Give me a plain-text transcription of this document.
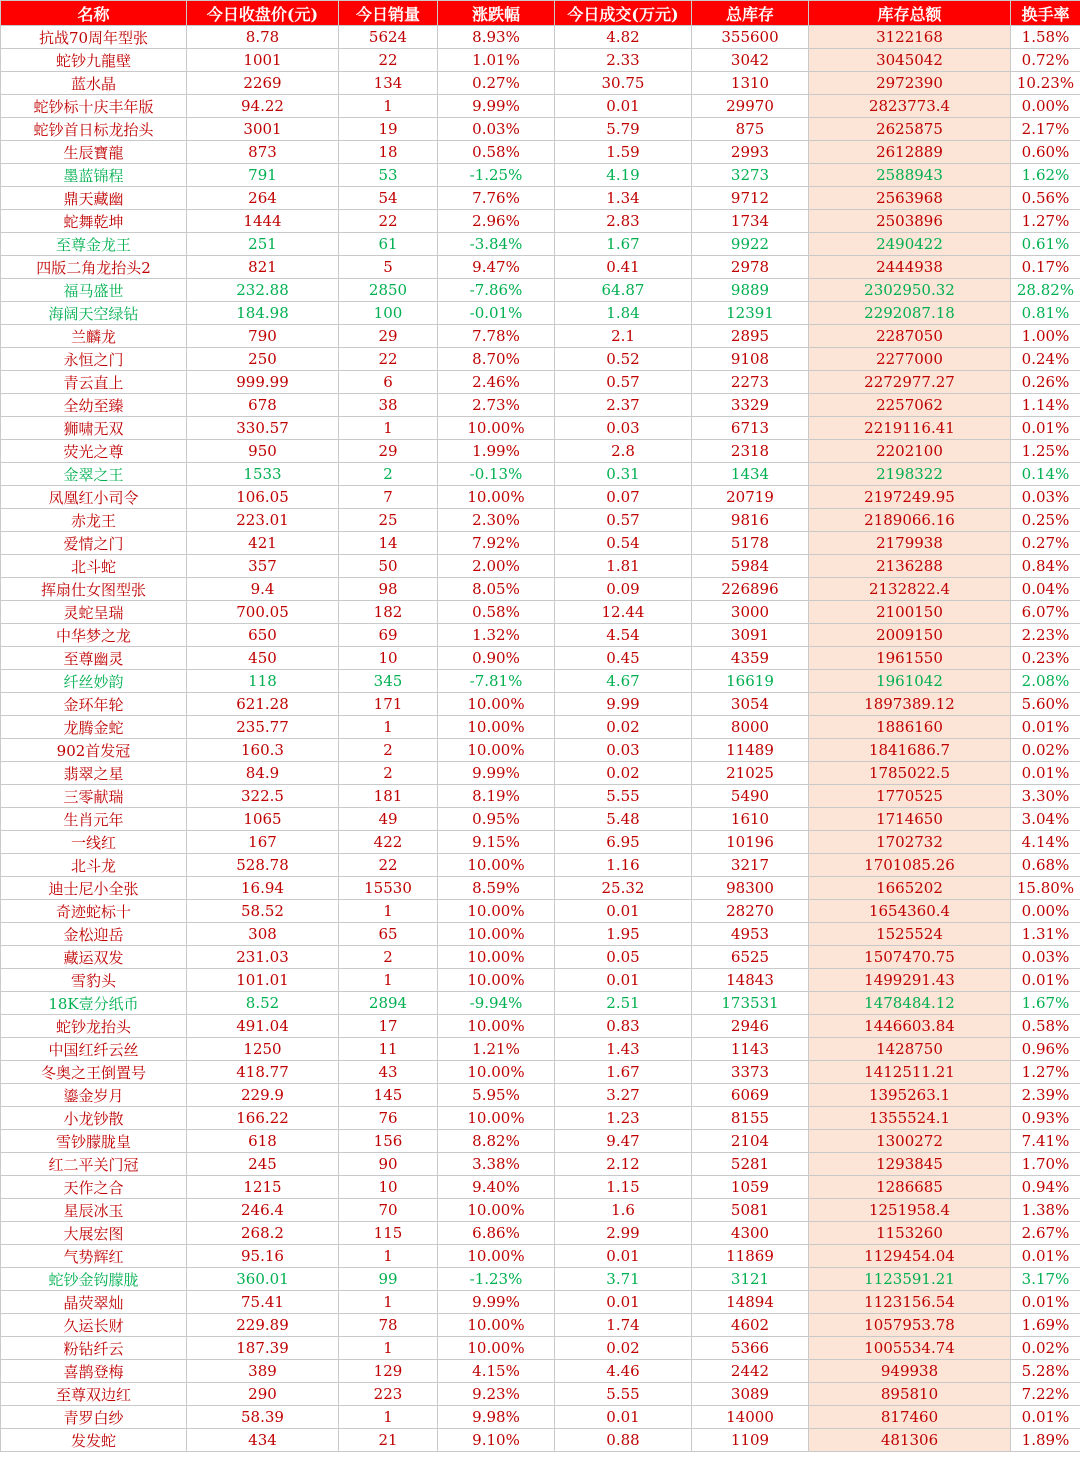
名称	今日收盘价(元)	今日销量	涨跌幅	今日成交(万元)	总库存	库存总额	换手率
抗战70周年型张	8.78	5624	8.93%	4.82	355600	3122168	1.58%
蛇钞九龍壁	1001	22	1.01%	2.33	3042	3045042	0.72%
蓝水晶	2269	134	0.27%	30.75	1310	2972390	10.23%
蛇钞标十庆丰年版	94.22	1	9.99%	0.01	29970	2823773.4	0.00%
蛇钞首日标龙抬头	3001	19	0.03%	5.79	875	2625875	2.17%
生辰寶龍	873	18	0.58%	1.59	2993	2612889	0.60%
墨蓝锦程	791	53	-1.25%	4.19	3273	2588943	1.62%
鼎天藏幽	264	54	7.76%	1.34	9712	2563968	0.56%
蛇舞乾坤	1444	22	2.96%	2.83	1734	2503896	1.27%
至尊金龙王	251	61	-3.84%	1.67	9922	2490422	0.61%
四版二角龙抬头2	821	5	9.47%	0.41	2978	2444938	0.17%
福马盛世	232.88	2850	-7.86%	64.87	9889	2302950.32	28.82%
海阔天空绿钻	184.98	100	-0.01%	1.84	12391	2292087.18	0.81%
兰麟龙	790	29	7.78%	2.1	2895	2287050	1.00%
永恒之门	250	22	8.70%	0.52	9108	2277000	0.24%
青云直上	999.99	6	2.46%	0.57	2273	2272977.27	0.26%
全幼至臻	678	38	2.73%	2.37	3329	2257062	1.14%
狮啸无双	330.57	1	10.00%	0.03	6713	2219116.41	0.01%
荧光之尊	950	29	1.99%	2.8	2318	2202100	1.25%
金翠之王	1533	2	-0.13%	0.31	1434	2198322	0.14%
凤凰红小司令	106.05	7	10.00%	0.07	20719	2197249.95	0.03%
赤龙王	223.01	25	2.30%	0.57	9816	2189066.16	0.25%
爱情之门	421	14	7.92%	0.54	5178	2179938	0.27%
北斗蛇	357	50	2.00%	1.81	5984	2136288	0.84%
挥扇仕女图型张	9.4	98	8.05%	0.09	226896	2132822.4	0.04%
灵蛇呈瑞	700.05	182	0.58%	12.44	3000	2100150	6.07%
中华梦之龙	650	69	1.32%	4.54	3091	2009150	2.23%
至尊幽灵	450	10	0.90%	0.45	4359	1961550	0.23%
纤丝妙韵	118	345	-7.81%	4.67	16619	1961042	2.08%
金环年轮	621.28	171	10.00%	9.99	3054	1897389.12	5.60%
龙腾金蛇	235.77	1	10.00%	0.02	8000	1886160	0.01%
902首发冠	160.3	2	10.00%	0.03	11489	1841686.7	0.02%
翡翠之星	84.9	2	9.99%	0.02	21025	1785022.5	0.01%
三零献瑞	322.5	181	8.19%	5.55	5490	1770525	3.30%
生肖元年	1065	49	0.95%	5.48	1610	1714650	3.04%
一线红	167	422	9.15%	6.95	10196	1702732	4.14%
北斗龙	528.78	22	10.00%	1.16	3217	1701085.26	0.68%
迪士尼小全张	16.94	15530	8.59%	25.32	98300	1665202	15.80%
奇迹蛇标十	58.52	1	10.00%	0.01	28270	1654360.4	0.00%
金松迎岳	308	65	10.00%	1.95	4953	1525524	1.31%
藏运双发	231.03	2	10.00%	0.05	6525	1507470.75	0.03%
雪豹头	101.01	1	10.00%	0.01	14843	1499291.43	0.01%
18K壹分纸币	8.52	2894	-9.94%	2.51	173531	1478484.12	1.67%
蛇钞龙抬头	491.04	17	10.00%	0.83	2946	1446603.84	0.58%
中国红纤云丝	1250	11	1.21%	1.43	1143	1428750	0.96%
冬奥之王倒置号	418.77	43	10.00%	1.67	3373	1412511.21	1.27%
鎏金岁月	229.9	145	5.95%	3.27	6069	1395263.1	2.39%
小龙钞散	166.22	76	10.00%	1.23	8155	1355524.1	0.93%
雪钞朦胧皇	618	156	8.82%	9.47	2104	1300272	7.41%
红二平关门冠	245	90	3.38%	2.12	5281	1293845	1.70%
天作之合	1215	10	9.40%	1.15	1059	1286685	0.94%
星辰冰玉	246.4	70	10.00%	1.6	5081	1251958.4	1.38%
大展宏图	268.2	115	6.86%	2.99	4300	1153260	2.67%
气势辉红	95.16	1	10.00%	0.01	11869	1129454.04	0.01%
蛇钞金钩朦胧	360.01	99	-1.23%	3.71	3121	1123591.21	3.17%
晶荧翠灿	75.41	1	9.99%	0.01	14894	1123156.54	0.01%
久运长财	229.89	78	10.00%	1.74	4602	1057953.78	1.69%
粉钻纤云	187.39	1	10.00%	0.02	5366	1005534.74	0.02%
喜鹊登梅	389	129	4.15%	4.46	2442	949938	5.28%
至尊双边红	290	223	9.23%	5.55	3089	895810	7.22%
青罗白纱	58.39	1	9.98%	0.01	14000	817460	0.01%
发发蛇	434	21	9.10%	0.88	1109	481306	1.89%
